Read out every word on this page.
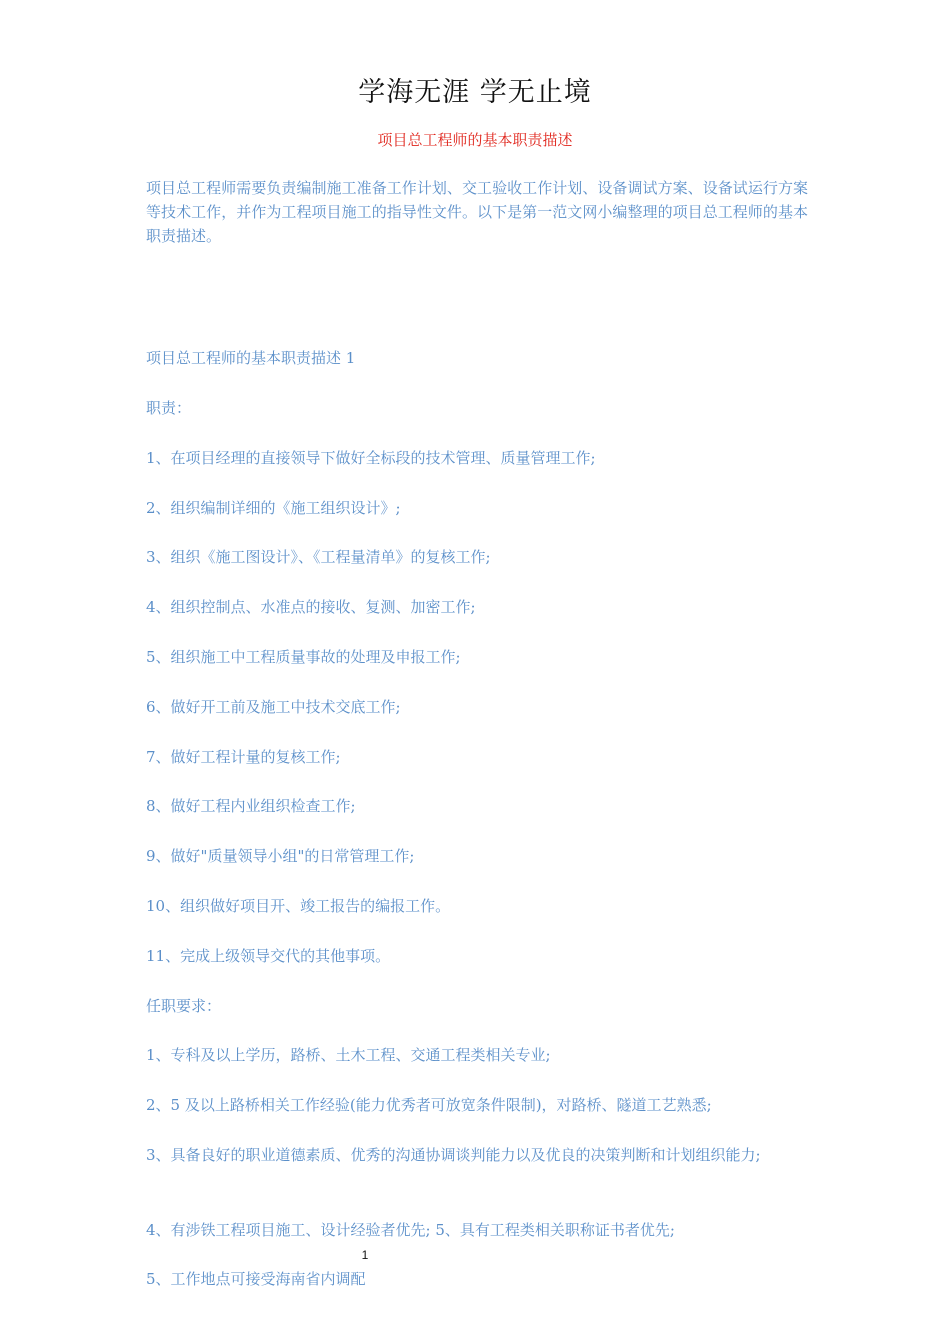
学海无涯 学无止境
项目总工程师的基本职责描述

项目总工程师需要负责编制施工准备工作计划、交工验收工作计划、设备调试方案、设备试运行方案等技术工作，并作为工程项目施工的指导性文件。以下是第一范文网小编整理的项目总工程师的基本职责描述。

项目总工程师的基本职责描述 1
职责：
1、在项目经理的直接领导下做好全标段的技术管理、质量管理工作;
2、组织编制详细的《施工组织设计》;
3、组织《施工图设计》、《工程量清单》的复核工作;
4、组织控制点、水准点的接收、复测、加密工作;
5、组织施工中工程质量事故的处理及申报工作;
6、做好开工前及施工中技术交底工作;
7、做好工程计量的复核工作;
8、做好工程内业组织检查工作;
9、做好"质量领导小组"的日常管理工作;
10、组织做好项目开、竣工报告的编报工作。
11、完成上级领导交代的其他事项。
任职要求：
1、专科及以上学历，路桥、土木工程、交通工程类相关专业;
2、5 及以上路桥相关工作经验(能力优秀者可放宽条件限制)，对路桥、隧道工艺熟悉;
3、具备良好的职业道德素质、优秀的沟通协调谈判能力以及优良的决策判断和计划组织能力;
4、有涉铁工程项目施工、设计经验者优先; 5、具有工程类相关职称证书者优先;
5、工作地点可接受海南省内调配
1
